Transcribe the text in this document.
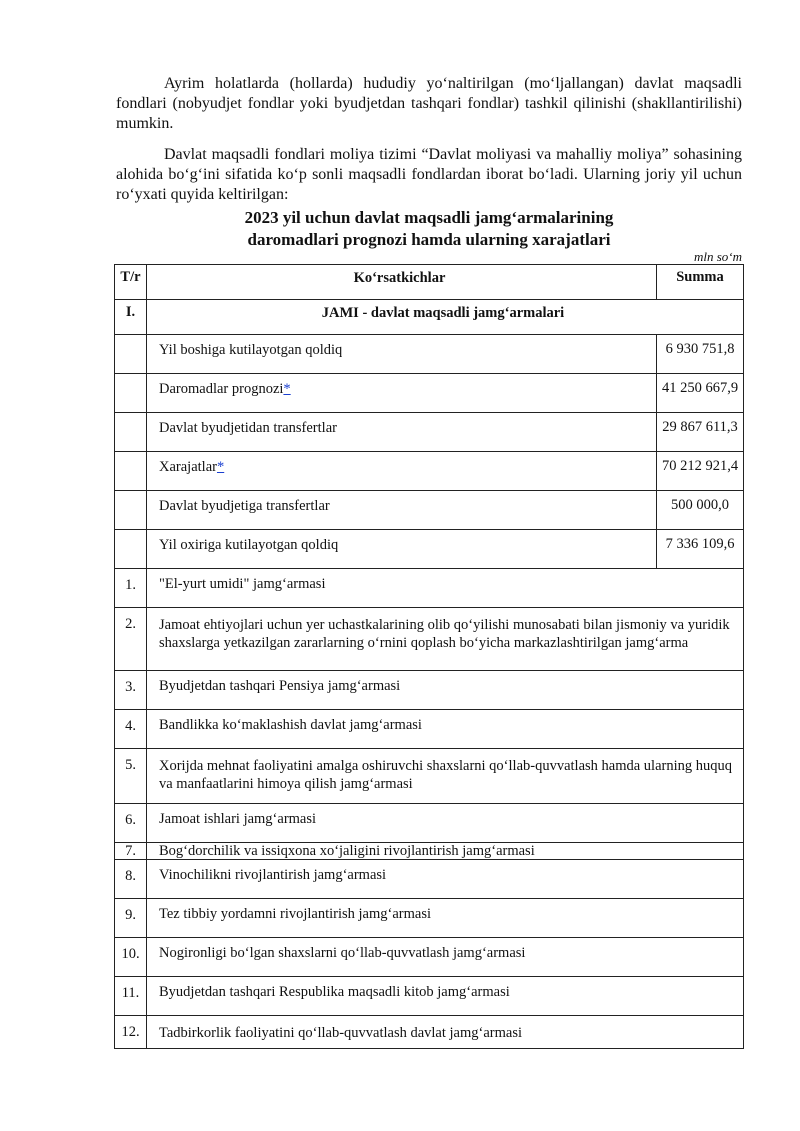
Ayrim holatlarda (hollarda) hududiy yo‘naltirilgan (mo‘ljallangan) davlat maqsadli fondlari (nobyudjet fondlar yoki byudjetdan tashqari fondlar) tashkil qilinishi (shakllantirilishi) mumkin.

Davlat maqsadli fondlari moliya tizimi “Davlat moliyasi va mahalliy moliya” sohasining alohida bo‘g‘ini sifatida ko‘p sonli maqsadli fondlardan iborat bo‘ladi. Ularning joriy yil uchun ro‘yxati quyida keltirilgan:

2023 yil uchun davlat maqsadli jamg‘armalarining
daromadlari prognozi hamda ularning xarajatlari
mln so‘m
T/r	Ko‘rsatkichlar	Summa
I.	JAMI - davlat maqsadli jamg‘armalari	
	Yil boshiga kutilayotgan qoldiq	6 930 751,8
	Daromadlar prognozi*	41 250 667,9
	Davlat byudjetidan transfertlar	29 867 611,3
	Xarajatlar*	70 212 921,4
	Davlat byudjetiga transfertlar	500 000,0
	Yil oxiriga kutilayotgan qoldiq	7 336 109,6
1.	"El-yurt umidi" jamg‘armasi	
2.	Jamoat ehtiyojlari uchun yer uchastkalarining olib qo‘yilishi munosabati bilan jismoniy va yuridik shaxslarga yetkazilgan zararlarning o‘rnini qoplash bo‘yicha markazlashtirilgan jamg‘arma	
3.	Byudjetdan tashqari Pensiya jamg‘armasi	
4.	Bandlikka ko‘maklashish davlat jamg‘armasi	
5.	Xorijda mehnat faoliyatini amalga oshiruvchi shaxslarni qo‘llab-quvvatlash hamda ularning huquq va manfaatlarini himoya qilish jamg‘armasi	
6.	Jamoat ishlari jamg‘armasi	
7.	Bog‘dorchilik va issiqxona xo‘jaligini rivojlantirish jamg‘armasi	
8.	Vinochilikni rivojlantirish jamg‘armasi	
9.	Tez tibbiy yordamni rivojlantirish jamg‘armasi	
10.	Nogironligi bo‘lgan shaxslarni qo‘llab-quvvatlash jamg‘armasi	
11.	Byudjetdan tashqari Respublika maqsadli kitob jamg‘armasi	
12.	Tadbirkorlik faoliyatini qo‘llab-quvvatlash davlat jamg‘armasi	
